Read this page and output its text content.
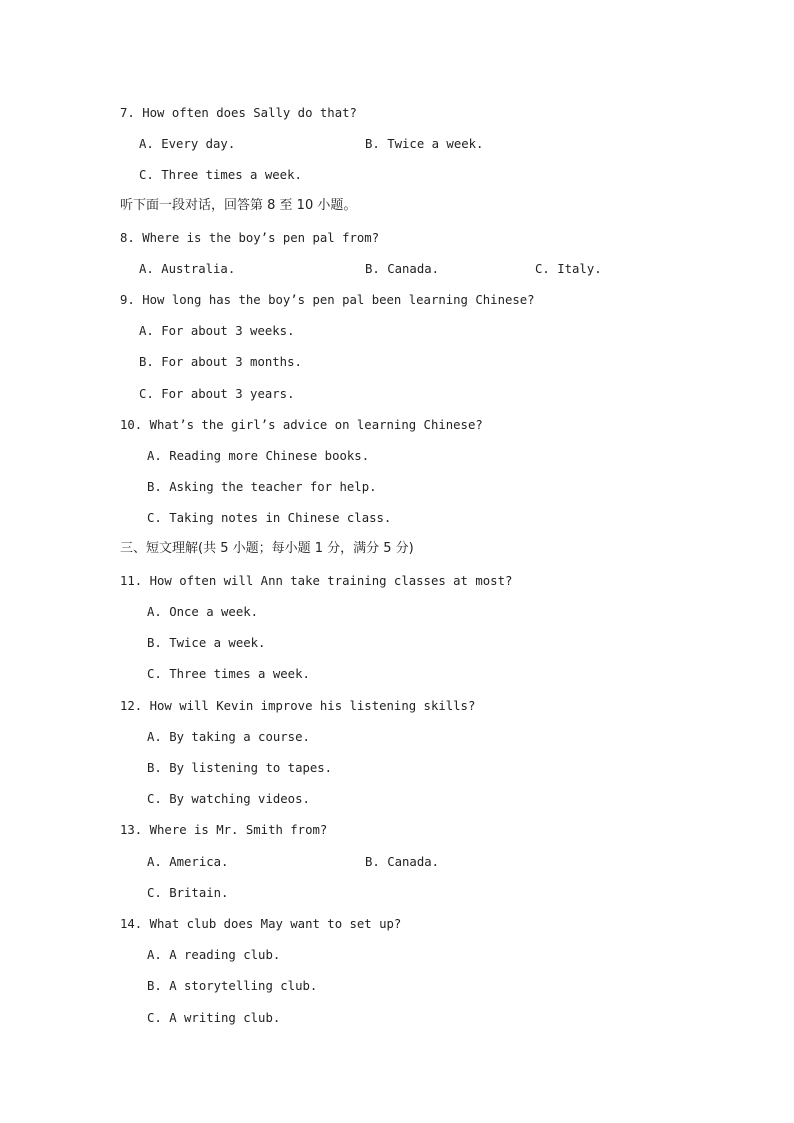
7. How often does Sally do that?
A. Every day.	B. Twice a week.
C. Three times a week.
听下面一段对话，回答第 8 至 10 小题。
8. Where is the boy’s pen pal from?
A. Australia.	B. Canada.	C. Italy.
9. How long has the boy’s pen pal been learning Chinese?
A. For about 3 weeks.
B. For about 3 months.
C. For about 3 years.
10. What’s the girl’s advice on learning Chinese?
A. Reading more Chinese books.
B. Asking the teacher for help.
C. Taking notes in Chinese class.
三、短文理解(共 5 小题；每小题 1 分，满分 5 分)
11. How often will Ann take training classes at most?
A. Once a week.
B. Twice a week.
C. Three times a week.
12. How will Kevin improve his listening skills?
A. By taking a course.
B. By listening to tapes.
C. By watching videos.
13. Where is Mr. Smith from?
A. America.	B. Canada.
C. Britain.
14. What club does May want to set up?
A. A reading club.
B. A storytelling club.
C. A writing club.
